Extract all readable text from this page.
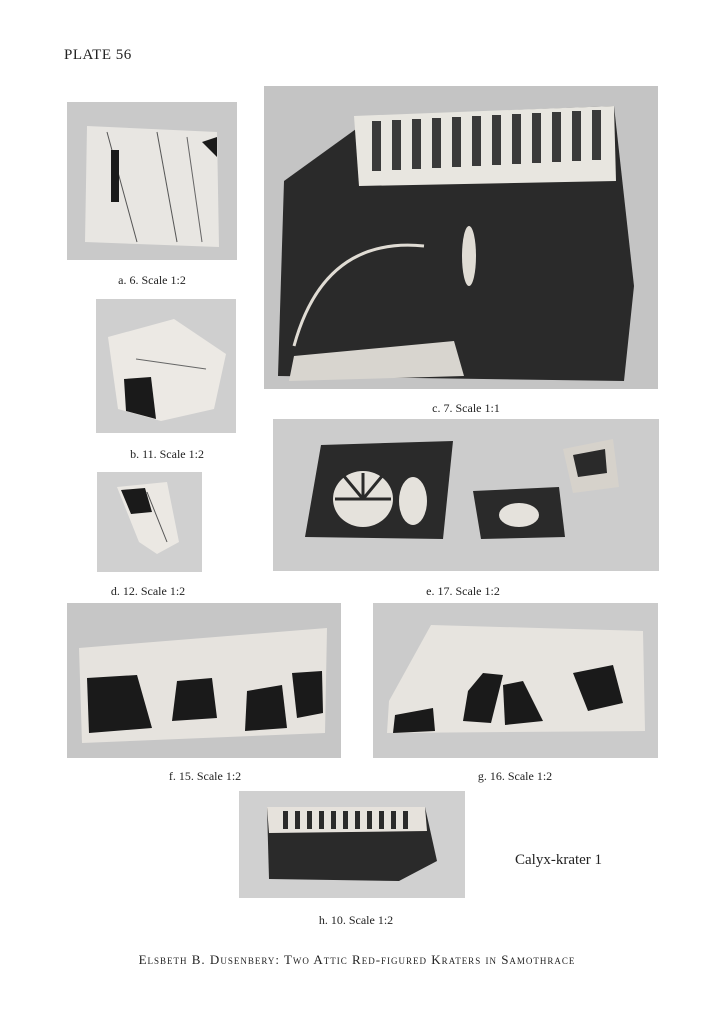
PLATE 56
a. 6. Scale 1:2
b. 11. Scale 1:2
c. 7. Scale 1:1
d. 12. Scale 1:2	e. 17. Scale 1:2
f. 15. Scale 1:2	g. 16. Scale 1:2
h. 10. Scale 1:2
Calyx-krater 1
Elsbeth B. Dusenbery: Two Attic Red-figured Kraters in Samothrace
